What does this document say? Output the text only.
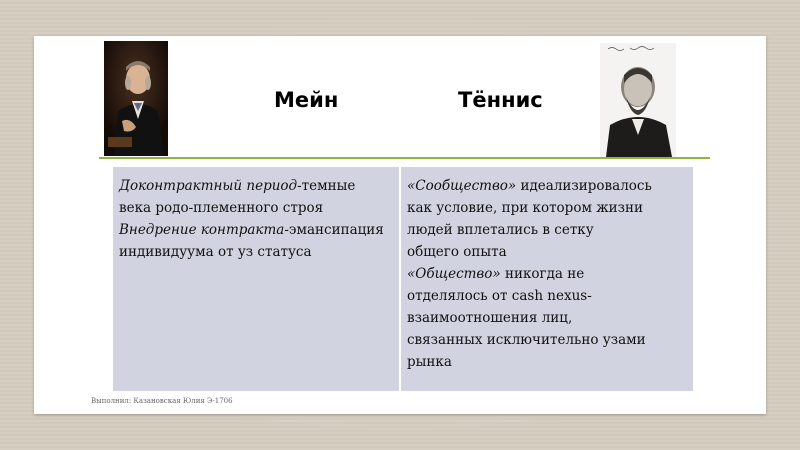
Мейн	Тённис
Доконтрактный период-темные
века родо-племенного строя
Внедрение контракта-эмансипация
индивидуума от уз статуса
«Сообщество» идеализировалось
как условие, при котором жизни
людей вплетались в сетку
общего опыта
«Общество» никогда не
отделялось от cash nexus-
взаимоотношения лиц,
связанных исключительно узами
рынка
Выполнил: Казановская Юлия Э-1706
